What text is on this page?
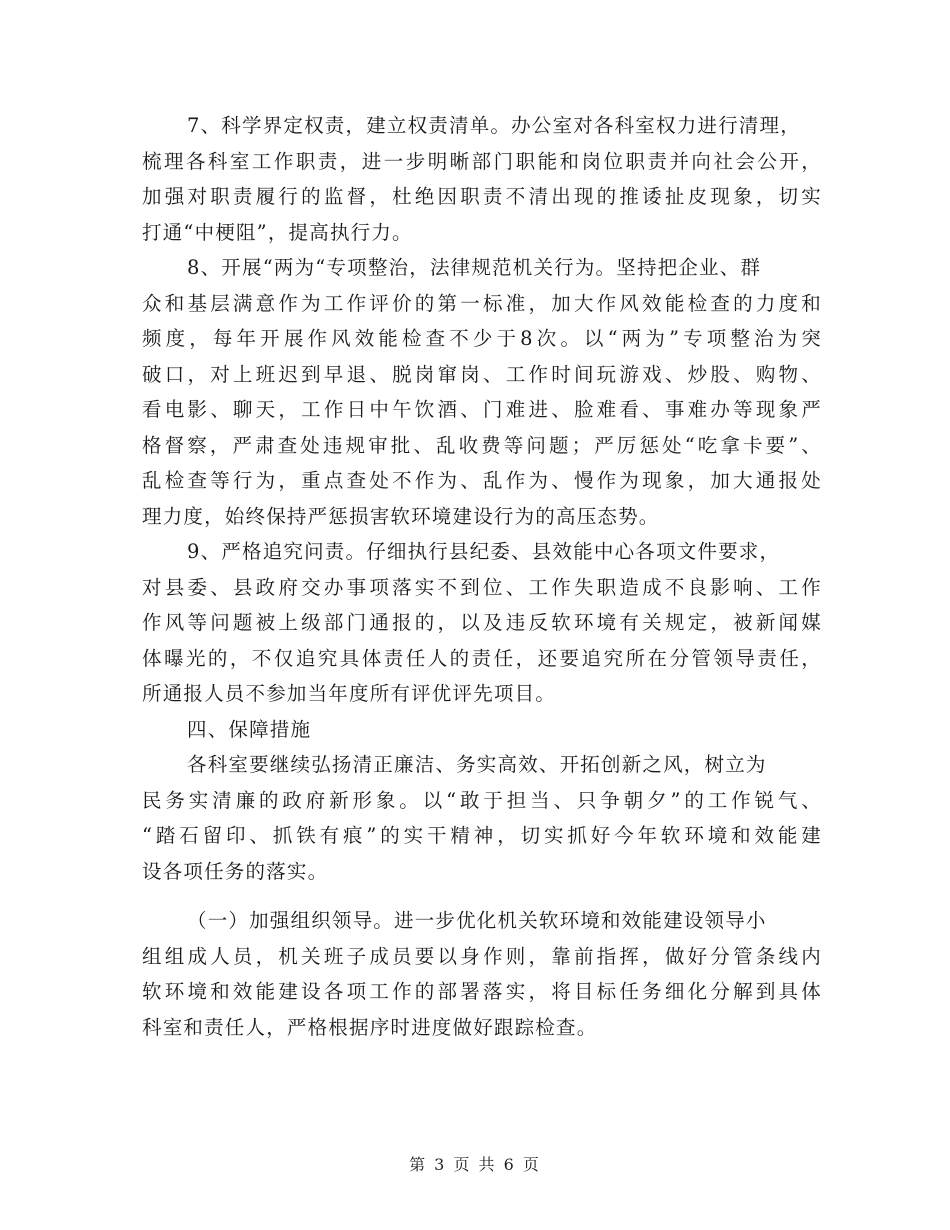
7、科学界定权责，建立权责清单。办公室对各科室权力进行清理，
梳理各科室工作职责，进一步明晰部门职能和岗位职责并向社会公开，
加强对职责履行的监督，杜绝因职责不清出现的推诿扯皮现象，切实
打通“中梗阻”，提高执行力。
8、开展“两为“专项整治，法律规范机关行为。坚持把企业、群
众和基层满意作为工作评价的第一标准，加大作风效能检查的力度和
频度，每年开展作风效能检查不少于8次。以“两为”专项整治为突
破口，对上班迟到早退、脱岗窜岗、工作时间玩游戏、炒股、购物、
看电影、聊天，工作日中午饮酒、门难进、脸难看、事难办等现象严
格督察，严肃查处违规审批、乱收费等问题；严厉惩处“吃拿卡要”、
乱检查等行为，重点查处不作为、乱作为、慢作为现象，加大通报处
理力度，始终保持严惩损害软环境建设行为的高压态势。
9、严格追究问责。仔细执行县纪委、县效能中心各项文件要求，
对县委、县政府交办事项落实不到位、工作失职造成不良影响、工作
作风等问题被上级部门通报的，以及违反软环境有关规定，被新闻媒
体曝光的，不仅追究具体责任人的责任，还要追究所在分管领导责任，
所通报人员不参加当年度所有评优评先项目。
四、保障措施
各科室要继续弘扬清正廉洁、务实高效、开拓创新之风，树立为
民务实清廉的政府新形象。以“敢于担当、只争朝夕”的工作锐气、
“踏石留印、抓铁有痕”的实干精神，切实抓好今年软环境和效能建
设各项任务的落实。
（一）加强组织领导。进一步优化机关软环境和效能建设领导小
组组成人员，机关班子成员要以身作则，靠前指挥，做好分管条线内
软环境和效能建设各项工作的部署落实，将目标任务细化分解到具体
科室和责任人，严格根据序时进度做好跟踪检查。
第 3 页 共 6 页
